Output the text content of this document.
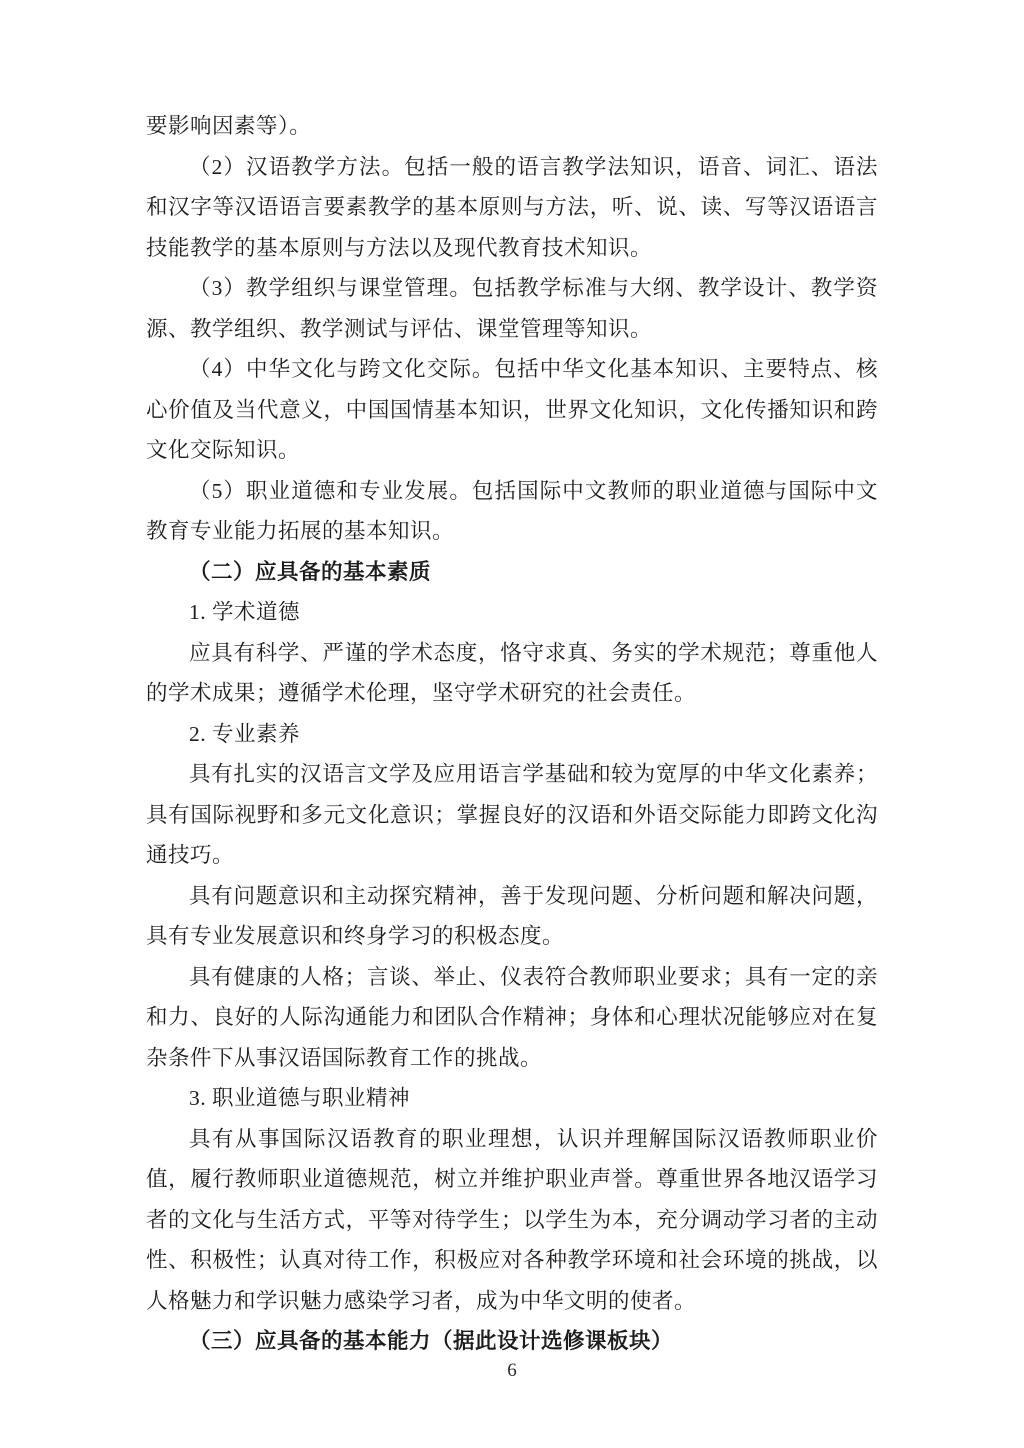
要影响因素等）。

（2）汉语教学方法。包括一般的语言教学法知识，语音、词汇、语法和汉字等汉语语言要素教学的基本原则与方法，听、说、读、写等汉语语言技能教学的基本原则与方法以及现代教育技术知识。

（3）教学组织与课堂管理。包括教学标准与大纲、教学设计、教学资源、教学组织、教学测试与评估、课堂管理等知识。

（4）中华文化与跨文化交际。包括中华文化基本知识、主要特点、核心价值及当代意义，中国国情基本知识，世界文化知识，文化传播知识和跨文化交际知识。

（5）职业道德和专业发展。包括国际中文教师的职业道德与国际中文教育专业能力拓展的基本知识。

（二）应具备的基本素质

1. 学术道德

应具有科学、严谨的学术态度，恪守求真、务实的学术规范；尊重他人的学术成果；遵循学术伦理，坚守学术研究的社会责任。

2. 专业素养

具有扎实的汉语言文学及应用语言学基础和较为宽厚的中华文化素养；具有国际视野和多元文化意识；掌握良好的汉语和外语交际能力即跨文化沟通技巧。

具有问题意识和主动探究精神，善于发现问题、分析问题和解决问题，具有专业发展意识和终身学习的积极态度。

具有健康的人格；言谈、举止、仪表符合教师职业要求；具有一定的亲和力、良好的人际沟通能力和团队合作精神；身体和心理状况能够应对在复杂条件下从事汉语国际教育工作的挑战。

3. 职业道德与职业精神

具有从事国际汉语教育的职业理想，认识并理解国际汉语教师职业价值，履行教师职业道德规范，树立并维护职业声誉。尊重世界各地汉语学习者的文化与生活方式，平等对待学生；以学生为本，充分调动学习者的主动性、积极性；认真对待工作，积极应对各种教学环境和社会环境的挑战，以人格魅力和学识魅力感染学习者，成为中华文明的使者。

（三）应具备的基本能力（据此设计选修课板块）

6
